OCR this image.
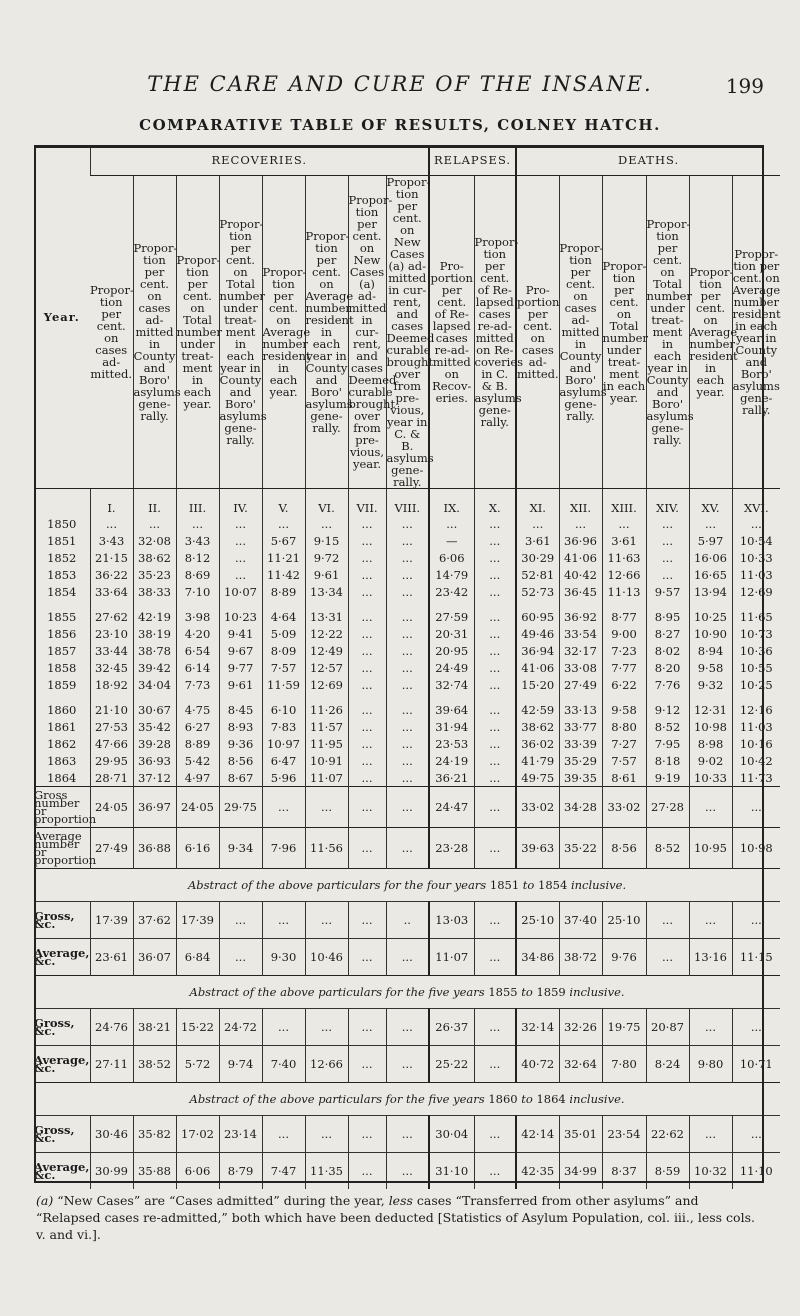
THE CARE AND CURE OF THE INSANE.	199
COMPARATIVE TABLE OF RESULTS, COLNEY HATCH.
Year.	RECOVERIES.								RELAPSES.		DEATHS.					
	Propor-tion per cent. on cases ad-mitted.	Propor-tion per cent. on cases ad-mitted in County and Boro' asylums gene-rally.	Propor-tion per cent. on Total number under treat-ment in each year.	Propor-tion per cent. on Total number under treat-ment in each year in County and Boro' asylums gene-rally.	Propor-tion per cent. on Average number resident in each year.	Propor-tion per cent. on Average number resident in each year in County and Boro' asylums gene-rally.	Propor-tion per cent. on New Cases (a) ad-mitted in cur-rent, and cases Deemed curable brought over from pre-vious, year.	Propor-tion per cent. on New Cases (a) ad-mitted in cur-rent, and cases Deemed curable brought over from pre-vious, year in C. & B. asylums gene-rally.	Pro-portion per cent. of Re-lapsed cases re-ad-mitted on Recov-eries.	Propor-tion per cent. of Re-lapsed cases re-ad-mitted on Re-coveries in C. & B. asylums gene-rally.	Pro-portion per cent. on cases ad-mitted.	Propor-tion per cent. on cases ad-mitted in County and Boro' asylums gene-rally.	Propor-tion per cent. on Total number under treat-ment in each year.	Propor-tion per cent. on Total number under treat-ment in each year in County and Boro' asylums gene-rally.	Propor-tion per cent. on Average number resident in each year.	Propor-tion per cent. on Average number resident in each year in County and Boro' asylums gene-rally.
	I.	II.	III.	IV.	V.	VI.	VII.	VIII.	IX.	X.	XI.	XII.	XIII.	XIV.	XV.	XVI.
1850	...	...	...	...	...	...	...	...	...	...	...	...	...	...	...	...
1851	3·43	32·08	3·43	...	5·67	9·15	...	...	—	...	3·61	36·96	3·61	...	5·97	10·54
1852	21·15	38·62	8·12	...	11·21	9·72	...	...	6·06	...	30·29	41·06	11·63	...	16·06	10·33
1853	36·22	35·23	8·69	...	11·42	9·61	...	...	14·79	...	52·81	40·42	12·66	...	16·65	11·03
1854	33·64	38·33	7·10	10·07	8·89	13·34	...	...	23·42	...	52·73	36·45	11·13	9·57	13·94	12·69

1855	27·62	42·19	3·98	10·23	4·64	13·31	...	...	27·59	...	60·95	36·92	8·77	8·95	10·25	11·65
1856	23·10	38·19	4·20	9·41	5·09	12·22	...	...	20·31	...	49·46	33·54	9·00	8·27	10·90	10·73
1857	33·44	38·78	6·54	9·67	8·09	12·49	...	...	20·95	...	36·94	32·17	7·23	8·02	8·94	10·36
1858	32·45	39·42	6·14	9·77	7·57	12·57	...	...	24·49	...	41·06	33·08	7·77	8·20	9·58	10·55
1859	18·92	34·04	7·73	9·61	11·59	12·69	...	...	32·74	...	15·20	27·49	6·22	7·76	9·32	10·25

1860	21·10	30·67	4·75	8·45	6·10	11·26	...	...	39·64	...	42·59	33·13	9·58	9·12	12·31	12·16
1861	27·53	35·42	6·27	8·93	7·83	11·57	...	...	31·94	...	38·62	33·77	8·80	8·52	10·98	11·03
1862	47·66	39·28	8·89	9·36	10·97	11·95	...	...	23·53	...	36·02	33·39	7·27	7·95	8·98	10·16
1863	29·95	36·93	5·42	8·56	6·47	10·91	...	...	24·19	...	41·79	35·29	7·57	8·18	9·02	10·42
1864	28·71	37·12	4·97	8·67	5·96	11·07	...	...	36·21	...	49·75	39·35	8·61	9·19	10·33	11·73
Gross number or proportion	24·05	36·97	24·05	29·75	...	...	...	...	24·47	...	33·02	34·28	33·02	27·28	...	...
Average number or proportion	27·49	36·88	6·16	9·34	7·96	11·56	...	...	23·28	...	39·63	35·22	8·56	8·52	10·95	10·98
Abstract of the above particulars for the four years 1851 to 1854 inclusive.																
Gross, &c.	17·39	37·62	17·39	...	...	...	...	..	13·03	...	25·10	37·40	25·10	...	...	...
Average, &c.	23·61	36·07	6·84	...	9·30	10·46	...	...	11·07	...	34·86	38·72	9·76	...	13·16	11·15
Abstract of the above particulars for the five years 1855 to 1859 inclusive.																
Gross, &c.	24·76	38·21	15·22	24·72	...	...	...	...	26·37	...	32·14	32·26	19·75	20·87	...	...
Average, &c.	27·11	38·52	5·72	9·74	7·40	12·66	...	...	25·22	...	40·72	32·64	7·80	8·24	9·80	10·71
Abstract of the above particulars for the five years 1860 to 1864 inclusive.																
Gross, &c.	30·46	35·82	17·02	23·14	...	...	...	...	30·04	...	42·14	35·01	23·54	22·62	...	...
Average, &c.	30·99	35·88	6·06	8·79	7·47	11·35	...	...	31·10	...	42·35	34·99	8·37	8·59	10·32	11·10
(a) “New Cases” are “Cases admitted” during the year, less cases “Transferred from other asylums” and “Relapsed cases re-admitted,” both which have been deducted [Statistics of Asylum Population, col. iii., less cols. v. and vi.].
